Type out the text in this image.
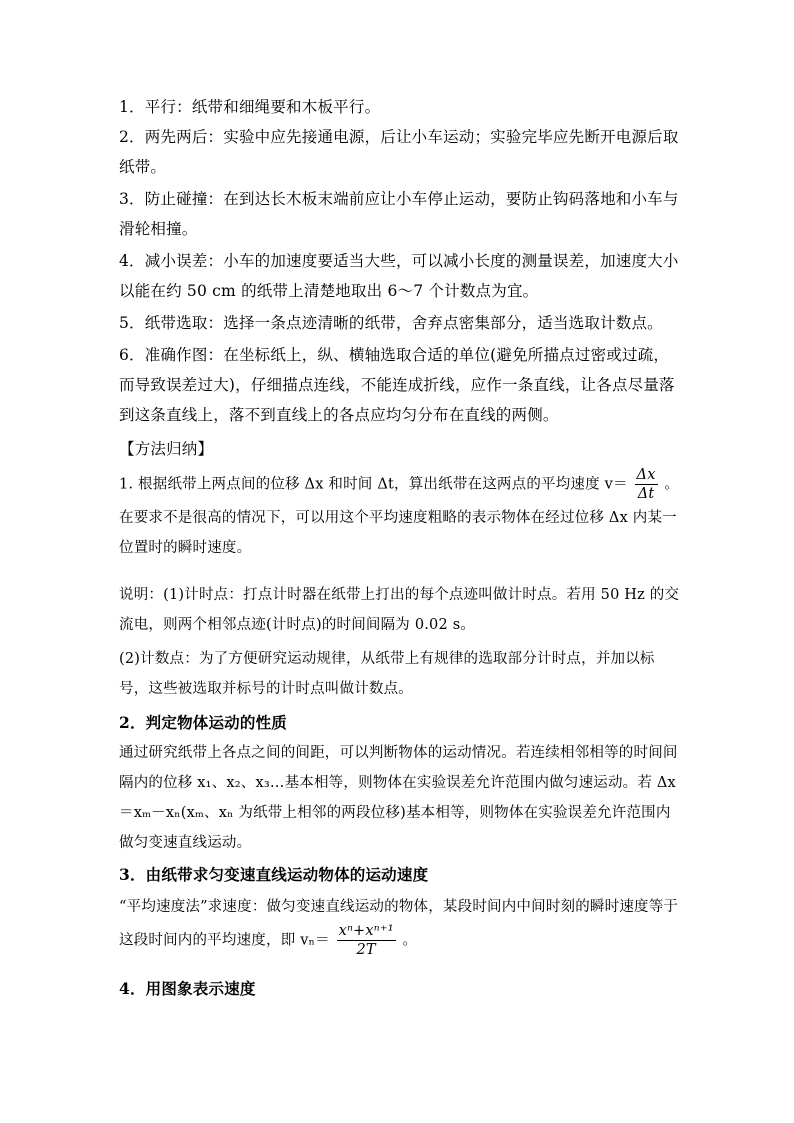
1．平行：纸带和细绳要和木板平行。
2．两先两后：实验中应先接通电源，后让小车运动；实验完毕应先断开电源后取纸带。
3．防止碰撞：在到达长木板末端前应让小车停止运动，要防止钩码落地和小车与滑轮相撞。
4．减小误差：小车的加速度要适当大些，可以减小长度的测量误差，加速度大小以能在约 50 cm 的纸带上清楚地取出 6～7 个计数点为宜。
5．纸带选取：选择一条点迹清晰的纸带，舍弃点密集部分，适当选取计数点。
6．准确作图：在坐标纸上，纵、横轴选取合适的单位(避免所描点过密或过疏，而导致误差过大)，仔细描点连线，不能连成折线，应作一条直线，让各点尽量落到这条直线上，落不到直线上的各点应均匀分布在直线的两侧。
【方法归纳】
1. 根据纸带上两点间的位移 Δx 和时间 Δt，算出纸带在这两点的平均速度 $v= \frac{\Delta x}{\Delta t}$ 。在要求不是很高的情况下，可以用这个平均速度粗略的表示物体在经过位移 Δx 内某一位置时的瞬时速度。
说明：(1)计时点：打点计时器在纸带上打出的每个点迹叫做计时点。若用 50 Hz 的交流电，则两个相邻点迹(计时点)的时间间隔为 0.02 s。
(2)计数点：为了方便研究运动规律，从纸带上有规律的选取部分计时点，并加以标号，这些被选取并标号的计时点叫做计数点。
2．判定物体运动的性质
通过研究纸带上各点之间的间距，可以判断物体的运动情况。若连续相邻相等的时间间隔内的位移 x₁、x₂、x₃…基本相等，则物体在实验误差允许范围内做匀速运动。若 Δx＝xₘ－xₙ(xₘ、xₙ 为纸带上相邻的两段位移)基本相等，则物体在实验误差允许范围内做匀变速直线运动。
3．由纸带求匀变速直线运动物体的运动速度
“平均速度法”求速度：做匀变速直线运动的物体，某段时间内中间时刻的瞬时速度等于这段时间内的平均速度，即 $v_n= \frac{\text{xⁿ+xⁿ⁺¹}}{2T}$ 。
4．用图象表示速度
